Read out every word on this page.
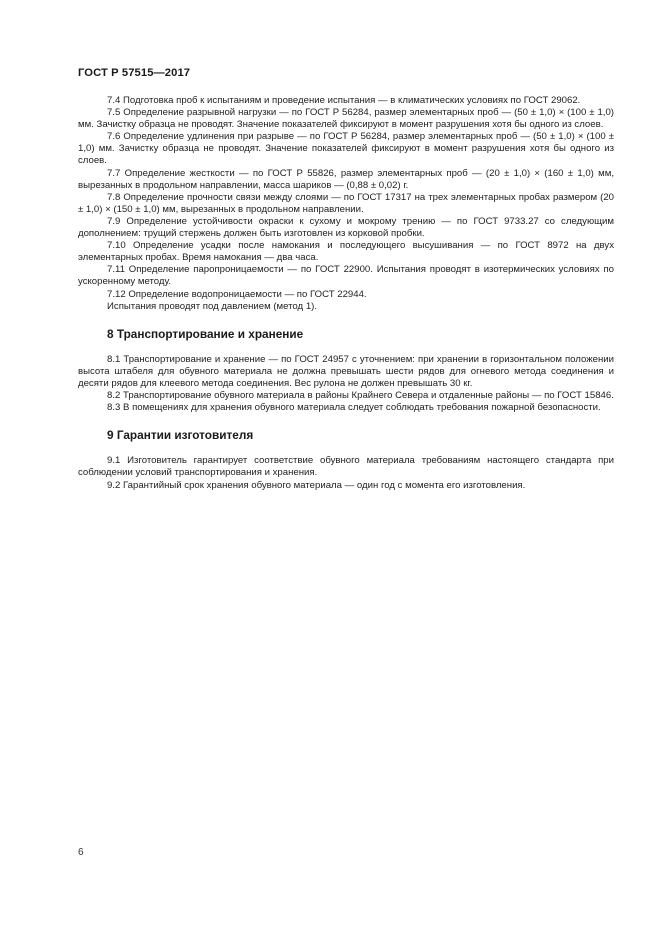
ГОСТ Р 57515—2017

7.4 Подготовка проб к испытаниям и проведение испытания — в климатических условиях по ГОСТ 29062.

7.5 Определение разрывной нагрузки — по ГОСТ Р 56284, размер элементарных проб — (50 ± 1,0) × (100 ± 1,0) мм. Зачистку образца не проводят. Значение показателей фиксируют в момент разрушения хотя бы одного из слоев.

7.6 Определение удлинения при разрыве — по ГОСТ Р 56284, размер элементарных проб — (50 ± 1,0) × (100 ± 1,0) мм. Зачистку образца не проводят. Значение показателей фиксируют в момент разрушения хотя бы одного из слоев.

7.7 Определение жесткости — по ГОСТ Р 55826, размер элементарных проб — (20 ± 1,0) × (160 ± 1,0) мм, вырезанных в продольном направлении, масса шариков — (0,88 ± 0,02) г.

7.8 Определение прочности связи между слоями — по ГОСТ 17317 на трех элементарных пробах размером (20 ± 1,0) × (150 ± 1,0) мм, вырезанных в продольном направлении.

7.9 Определение устойчивости окраски к сухому и мокрому трению — по ГОСТ 9733.27 со следующим дополнением: трущий стержень должен быть изготовлен из корковой пробки.

7.10 Определение усадки после намокания и последующего высушивания — по ГОСТ 8972 на двух элементарных пробах. Время намокания — два часа.

7.11 Определение паропроницаемости — по ГОСТ 22900. Испытания проводят в изотермических условиях по ускоренному методу.

7.12 Определение водопроницаемости — по ГОСТ 22944.

Испытания проводят под давлением (метод 1).

8 Транспортирование и хранение

8.1 Транспортирование и хранение — по ГОСТ 24957 с уточнением: при хранении в горизонтальном положении высота штабеля для обувного материала не должна превышать шести рядов для огневого метода соединения и десяти рядов для клеевого метода соединения. Вес рулона не должен превышать 30 кг.

8.2 Транспортирование обувного материала в районы Крайнего Севера и отдаленные районы — по ГОСТ 15846.

8.3 В помещениях для хранения обувного материала следует соблюдать требования пожарной безопасности.

9 Гарантии изготовителя

9.1 Изготовитель гарантирует соответствие обувного материала требованиям настоящего стандарта при соблюдении условий транспортирования и хранения.

9.2 Гарантийный срок хранения обувного материала — один год с момента его изготовления.

6
